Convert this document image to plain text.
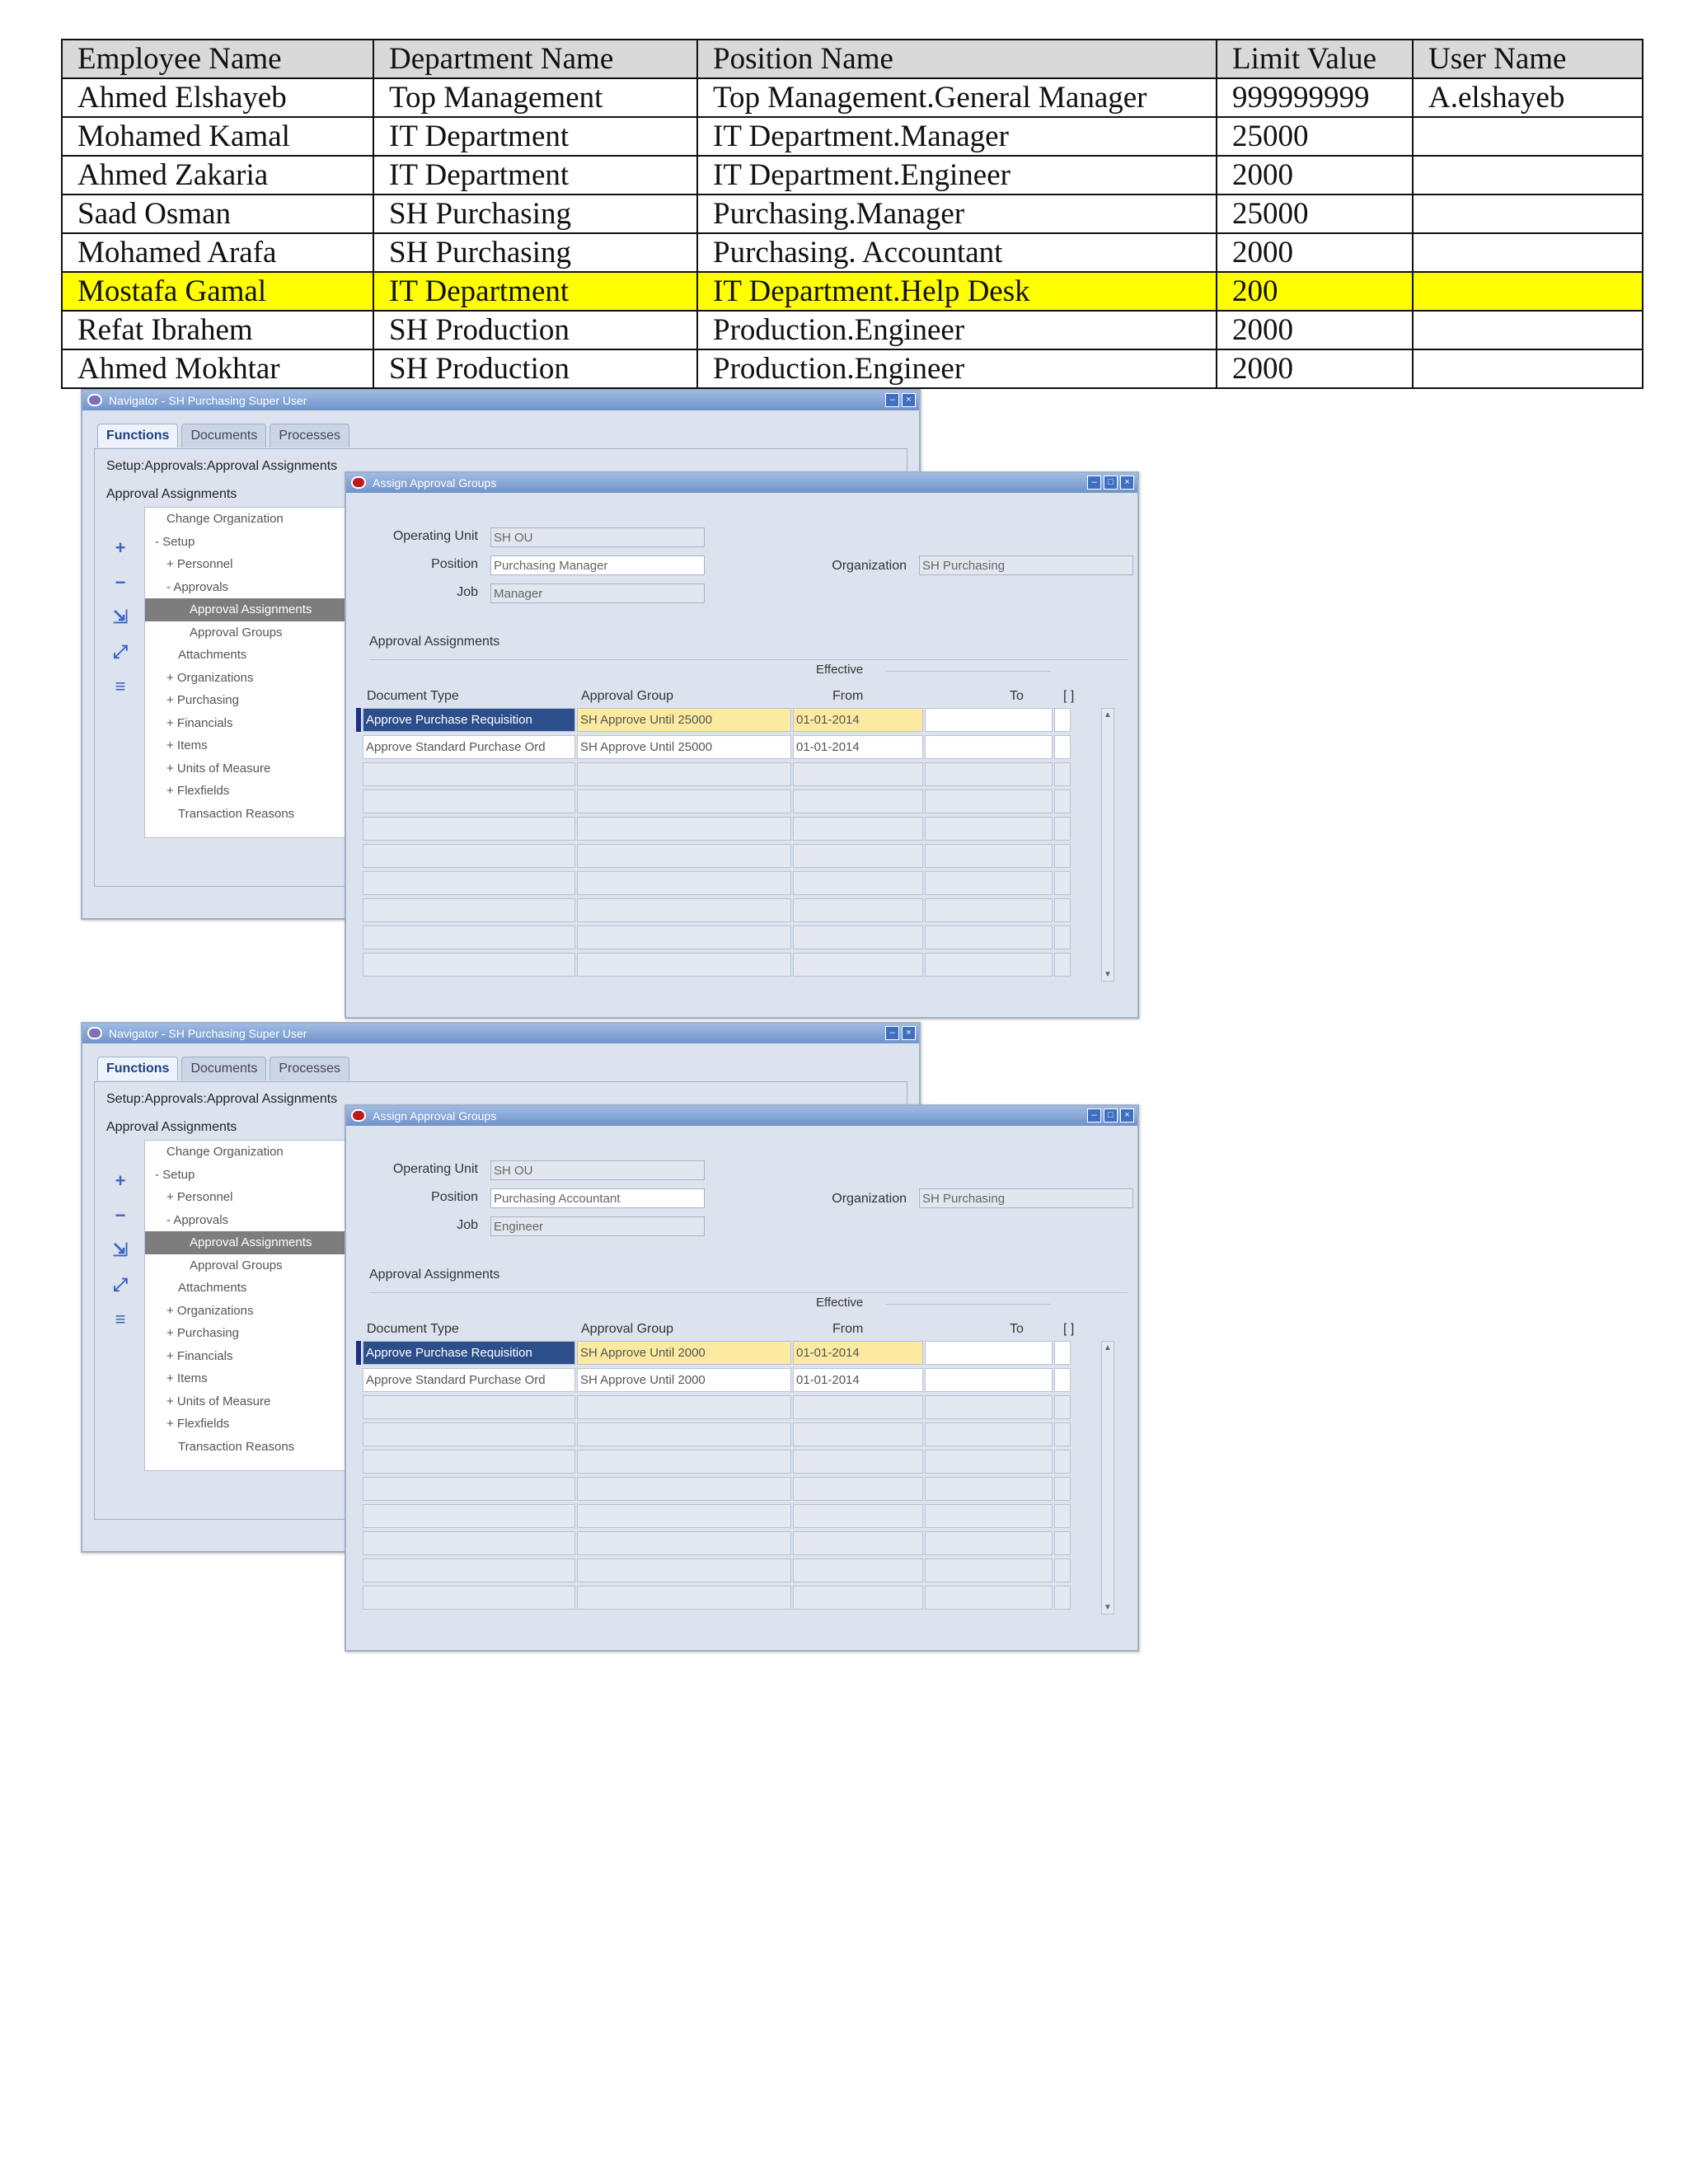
Employee Name	Department Name	Position Name	Limit Value	User Name
Ahmed Elshayeb	Top Management	Top Management.General Manager	999999999	A.elshayeb
Mohamed Kamal	IT Department	IT Department.Manager	25000	
Ahmed Zakaria	IT Department	IT Department.Engineer	2000	
Saad Osman	SH Purchasing	Purchasing.Manager	25000	
Mohamed Arafa	SH Purchasing	Purchasing. Accountant	2000	
Mostafa Gamal	IT Department	IT Department.Help Desk	200	
Refat Ibrahem	SH Production	Production.Engineer	2000	
Ahmed Mokhtar	SH Production	Production.Engineer	2000	
Navigator - SH Purchasing Super User	–	×
Functions	Documents	Processes
Setup:Approvals:Approval Assignments
Approval Assignments
+
−
⇲
⤢
≡
Change Organization
- Setup
+ Personnel
- Approvals
Approval Assignments
Approval Groups
Attachments
+ Organizations
+ Purchasing
+ Financials
+ Items
+ Units of Measure
+ Flexfields
Transaction Reasons
Assign Approval Groups	–	□	×
Operating Unit SH OU
Position Purchasing Manager
Job Manager
Organization SH Purchasing
Approval Assignments
Effective
Document Type	Approval Group	From	To	[ ]
Approve Purchase Requisition	SH Approve Until 25000	01-01-2014
Approve Standard Purchase Ord	SH Approve Until 25000	01-01-2014
▲
▼
Navigator - SH Purchasing Super User	–	×
Functions	Documents	Processes
Setup:Approvals:Approval Assignments
Approval Assignments
+
−
⇲
⤢
≡
Change Organization
- Setup
+ Personnel
- Approvals
Approval Assignments
Approval Groups
Attachments
+ Organizations
+ Purchasing
+ Financials
+ Items
+ Units of Measure
+ Flexfields
Transaction Reasons
Assign Approval Groups	–	□	×
Operating Unit SH OU
Position Purchasing Accountant
Job Engineer
Organization SH Purchasing
Approval Assignments
Effective
Document Type	Approval Group	From	To	[ ]
Approve Purchase Requisition	SH Approve Until 2000	01-01-2014
Approve Standard Purchase Ord	SH Approve Until 2000	01-01-2014
▲
▼
